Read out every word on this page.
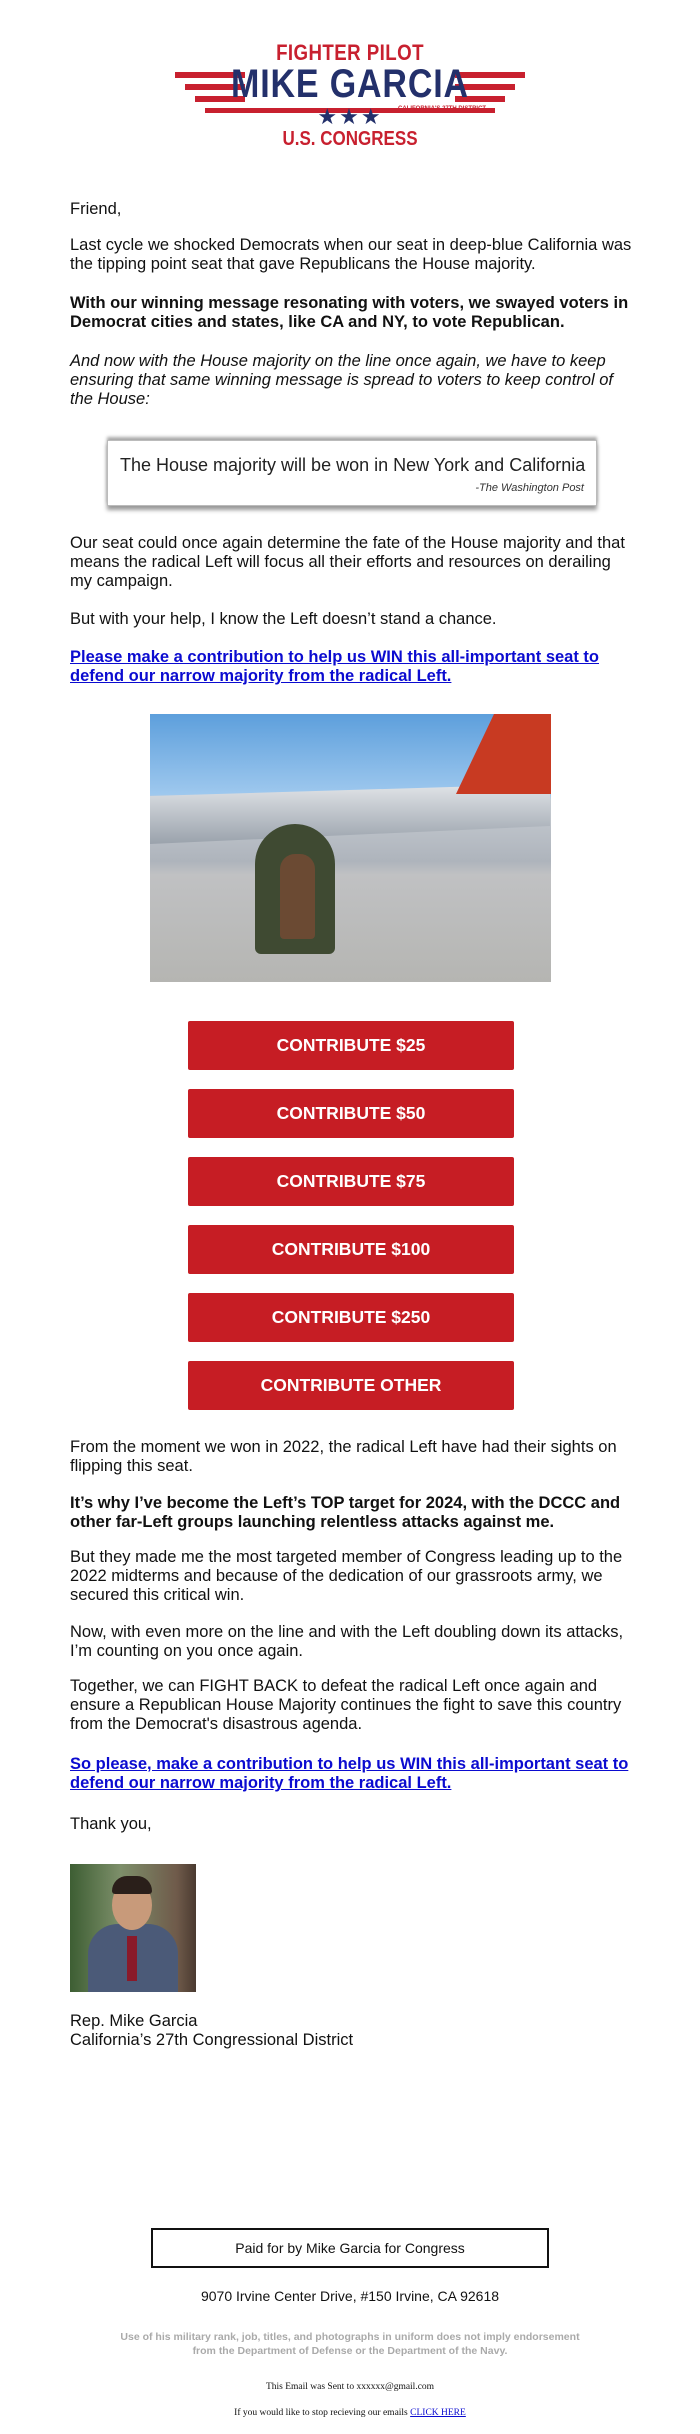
FIGHTER PILOT
MIKE GARCIA
CALIFORNIA'S 27TH DISTRICT
★★★
U.S. CONGRESS
Friend,
Last cycle we shocked Democrats when our seat in deep-blue California was the tipping point seat that gave Republicans the House majority.
With our winning message resonating with voters, we swayed voters in Democrat cities and states, like CA and NY, to vote Republican.
And now with the House majority on the line once again, we have to keep ensuring that same winning message is spread to voters to keep control of the House:
The House majority will be won in New York and California
-The Washington Post
Our seat could once again determine the fate of the House majority and that means the radical Left will focus all their efforts and resources on derailing my campaign.
But with your help, I know the Left doesn’t stand a chance.
Please make a contribution to help us WIN this all-important seat to defend our narrow majority from the radical Left.
CONTRIBUTE $25
CONTRIBUTE $50
CONTRIBUTE $75
CONTRIBUTE $100
CONTRIBUTE $250
CONTRIBUTE OTHER
From the moment we won in 2022, the radical Left have had their sights on flipping this seat.
It’s why I’ve become the Left’s TOP target for 2024, with the DCCC and other far-Left groups launching relentless attacks against me.
But they made me the most targeted member of Congress leading up to the 2022 midterms and because of the dedication of our grassroots army, we secured this critical win.
Now, with even more on the line and with the Left doubling down its attacks, I’m counting on you once again.
Together, we can FIGHT BACK to defeat the radical Left once again and ensure a Republican House Majority continues the fight to save this country from the Democrat's disastrous agenda.
So please, make a contribution to help us WIN this all-important seat to defend our narrow majority from the radical Left.
Thank you,
Rep. Mike Garcia
California’s 27th Congressional District
Paid for by Mike Garcia for Congress
9070 Irvine Center Drive, #150 Irvine, CA 92618
Use of his military rank, job, titles, and photographs in uniform does not imply endorsement from the Department of Defense or the Department of the Navy.
This Email was Sent to xxxxxx@gmail.com
If you would like to stop recieving our emails CLICK HERE
